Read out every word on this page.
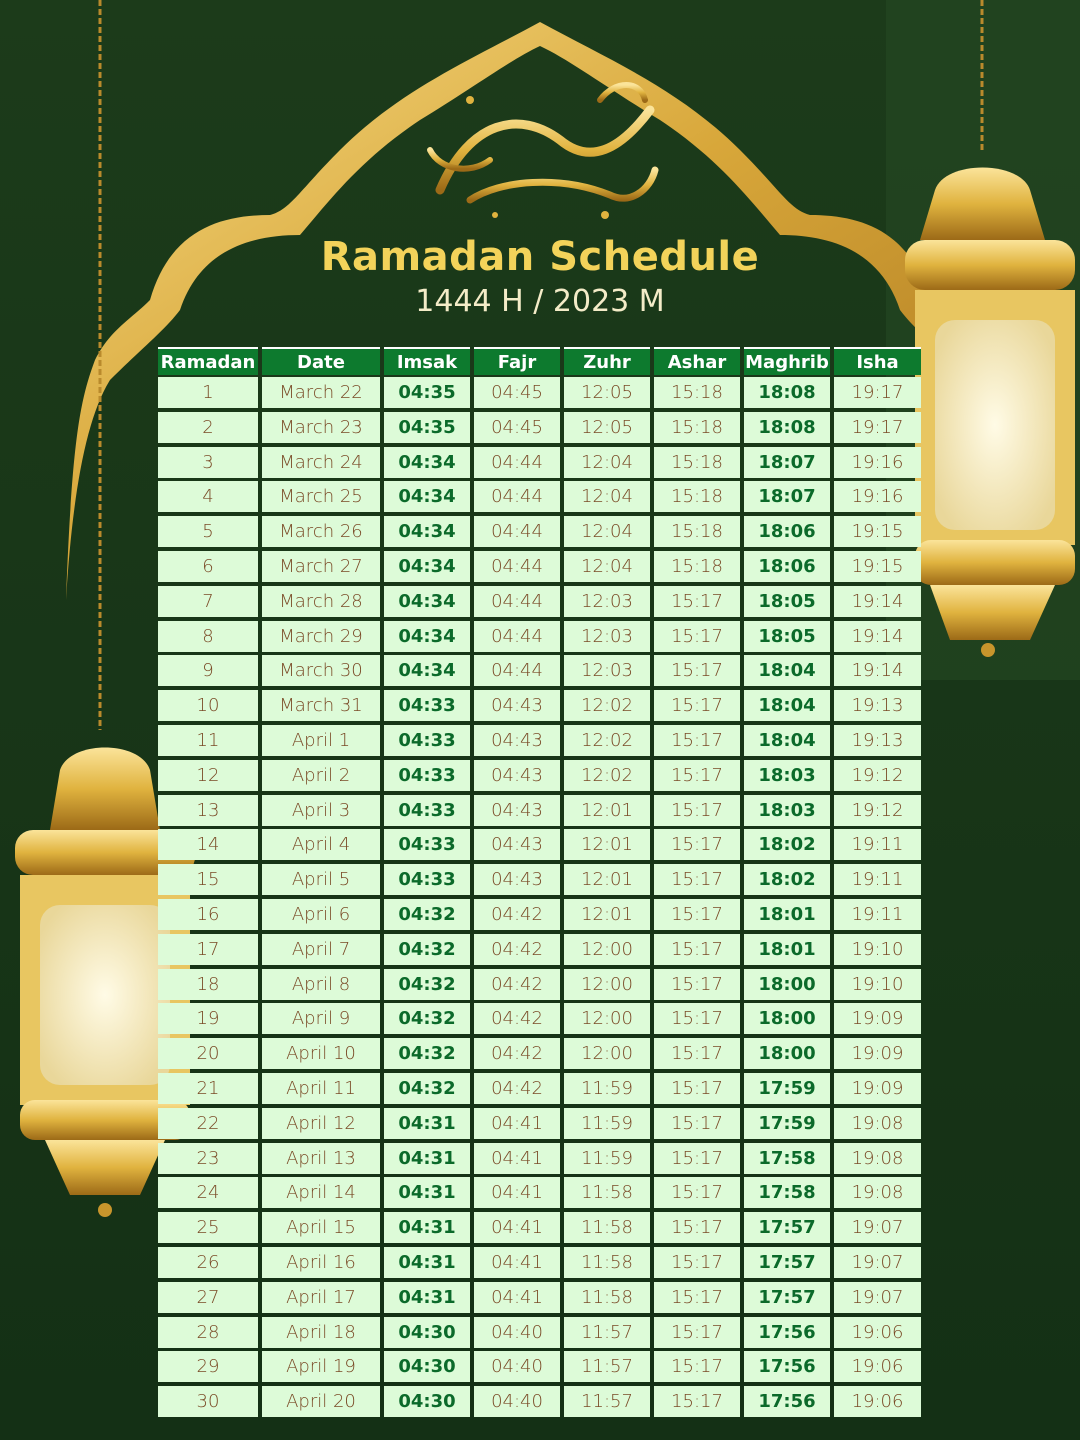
Ramadan Schedule
1444 H / 2023 M
Ramadan	Date	Imsak	Fajr	Zuhr	Ashar	Maghrib	Isha
1	March 22	04:35	04:45	12:05	15:18	18:08	19:17
2	March 23	04:35	04:45	12:05	15:18	18:08	19:17
3	March 24	04:34	04:44	12:04	15:18	18:07	19:16
4	March 25	04:34	04:44	12:04	15:18	18:07	19:16
5	March 26	04:34	04:44	12:04	15:18	18:06	19:15
6	March 27	04:34	04:44	12:04	15:18	18:06	19:15
7	March 28	04:34	04:44	12:03	15:17	18:05	19:14
8	March 29	04:34	04:44	12:03	15:17	18:05	19:14
9	March 30	04:34	04:44	12:03	15:17	18:04	19:14
10	March 31	04:33	04:43	12:02	15:17	18:04	19:13
11	April 1	04:33	04:43	12:02	15:17	18:04	19:13
12	April 2	04:33	04:43	12:02	15:17	18:03	19:12
13	April 3	04:33	04:43	12:01	15:17	18:03	19:12
14	April 4	04:33	04:43	12:01	15:17	18:02	19:11
15	April 5	04:33	04:43	12:01	15:17	18:02	19:11
16	April 6	04:32	04:42	12:01	15:17	18:01	19:11
17	April 7	04:32	04:42	12:00	15:17	18:01	19:10
18	April 8	04:32	04:42	12:00	15:17	18:00	19:10
19	April 9	04:32	04:42	12:00	15:17	18:00	19:09
20	April 10	04:32	04:42	12:00	15:17	18:00	19:09
21	April 11	04:32	04:42	11:59	15:17	17:59	19:09
22	April 12	04:31	04:41	11:59	15:17	17:59	19:08
23	April 13	04:31	04:41	11:59	15:17	17:58	19:08
24	April 14	04:31	04:41	11:58	15:17	17:58	19:08
25	April 15	04:31	04:41	11:58	15:17	17:57	19:07
26	April 16	04:31	04:41	11:58	15:17	17:57	19:07
27	April 17	04:31	04:41	11:58	15:17	17:57	19:07
28	April 18	04:30	04:40	11:57	15:17	17:56	19:06
29	April 19	04:30	04:40	11:57	15:17	17:56	19:06
30	April 20	04:30	04:40	11:57	15:17	17:56	19:06
